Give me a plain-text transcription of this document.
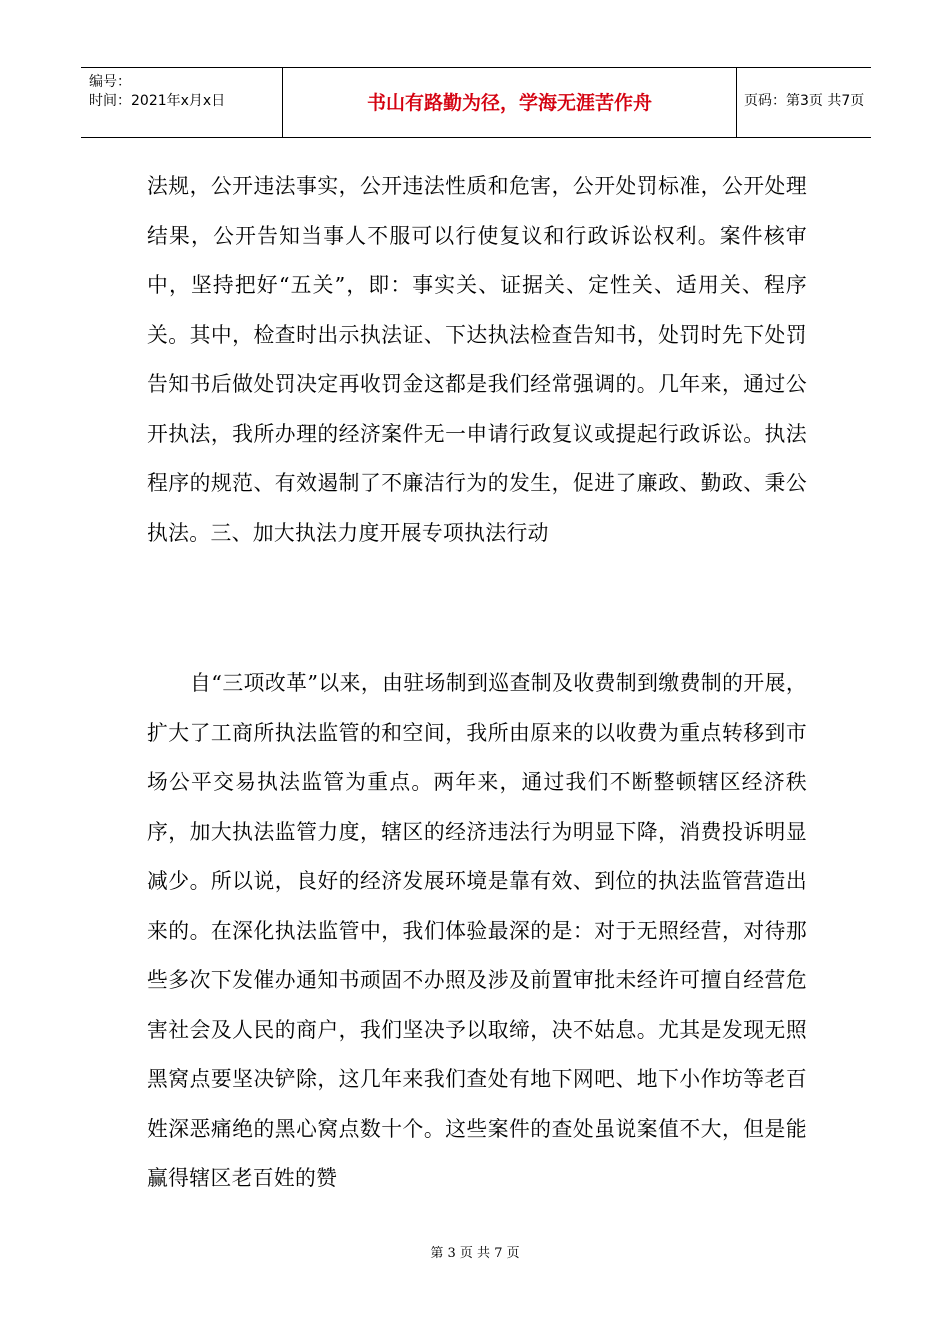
编号：
时间：2021年x月x日	书山有路勤为径，学海无涯苦作舟	页码：第3页 共7页

法规，公开违法事实，公开违法性质和危害，公开处罚标准，公开处理结果，公开告知当事人不服可以行使复议和行政诉讼权利。案件核审中，坚持把好“五关”，即：事实关、证据关、定性关、适用关、程序关。其中，检查时出示执法证、下达执法检查告知书，处罚时先下处罚告知书后做处罚决定再收罚金这都是我们经常强调的。几年来，通过公开执法，我所办理的经济案件无一申请行政复议或提起行政诉讼。执法程序的规范、有效遏制了不廉洁行为的发生，促进了廉政、勤政、秉公执法。三、加大执法力度开展专项执法行动

自“三项改革”以来，由驻场制到巡查制及收费制到缴费制的开展，扩大了工商所执法监管的和空间，我所由原来的以收费为重点转移到市场公平交易执法监管为重点。两年来，通过我们不断整顿辖区经济秩序，加大执法监管力度，辖区的经济违法行为明显下降，消费投诉明显减少。所以说，良好的经济发展环境是靠有效、到位的执法监管营造出来的。在深化执法监管中，我们体验最深的是：对于无照经营，对待那些多次下发催办通知书顽固不办照及涉及前置审批未经许可擅自经营危害社会及人民的商户，我们坚决予以取缔，决不姑息。尤其是发现无照黑窝点要坚决铲除，这几年来我们查处有地下网吧、地下小作坊等老百姓深恶痛绝的黑心窝点数十个。这些案件的查处虽说案值不大，但是能赢得辖区老百姓的赞

第 3 页 共 7 页
